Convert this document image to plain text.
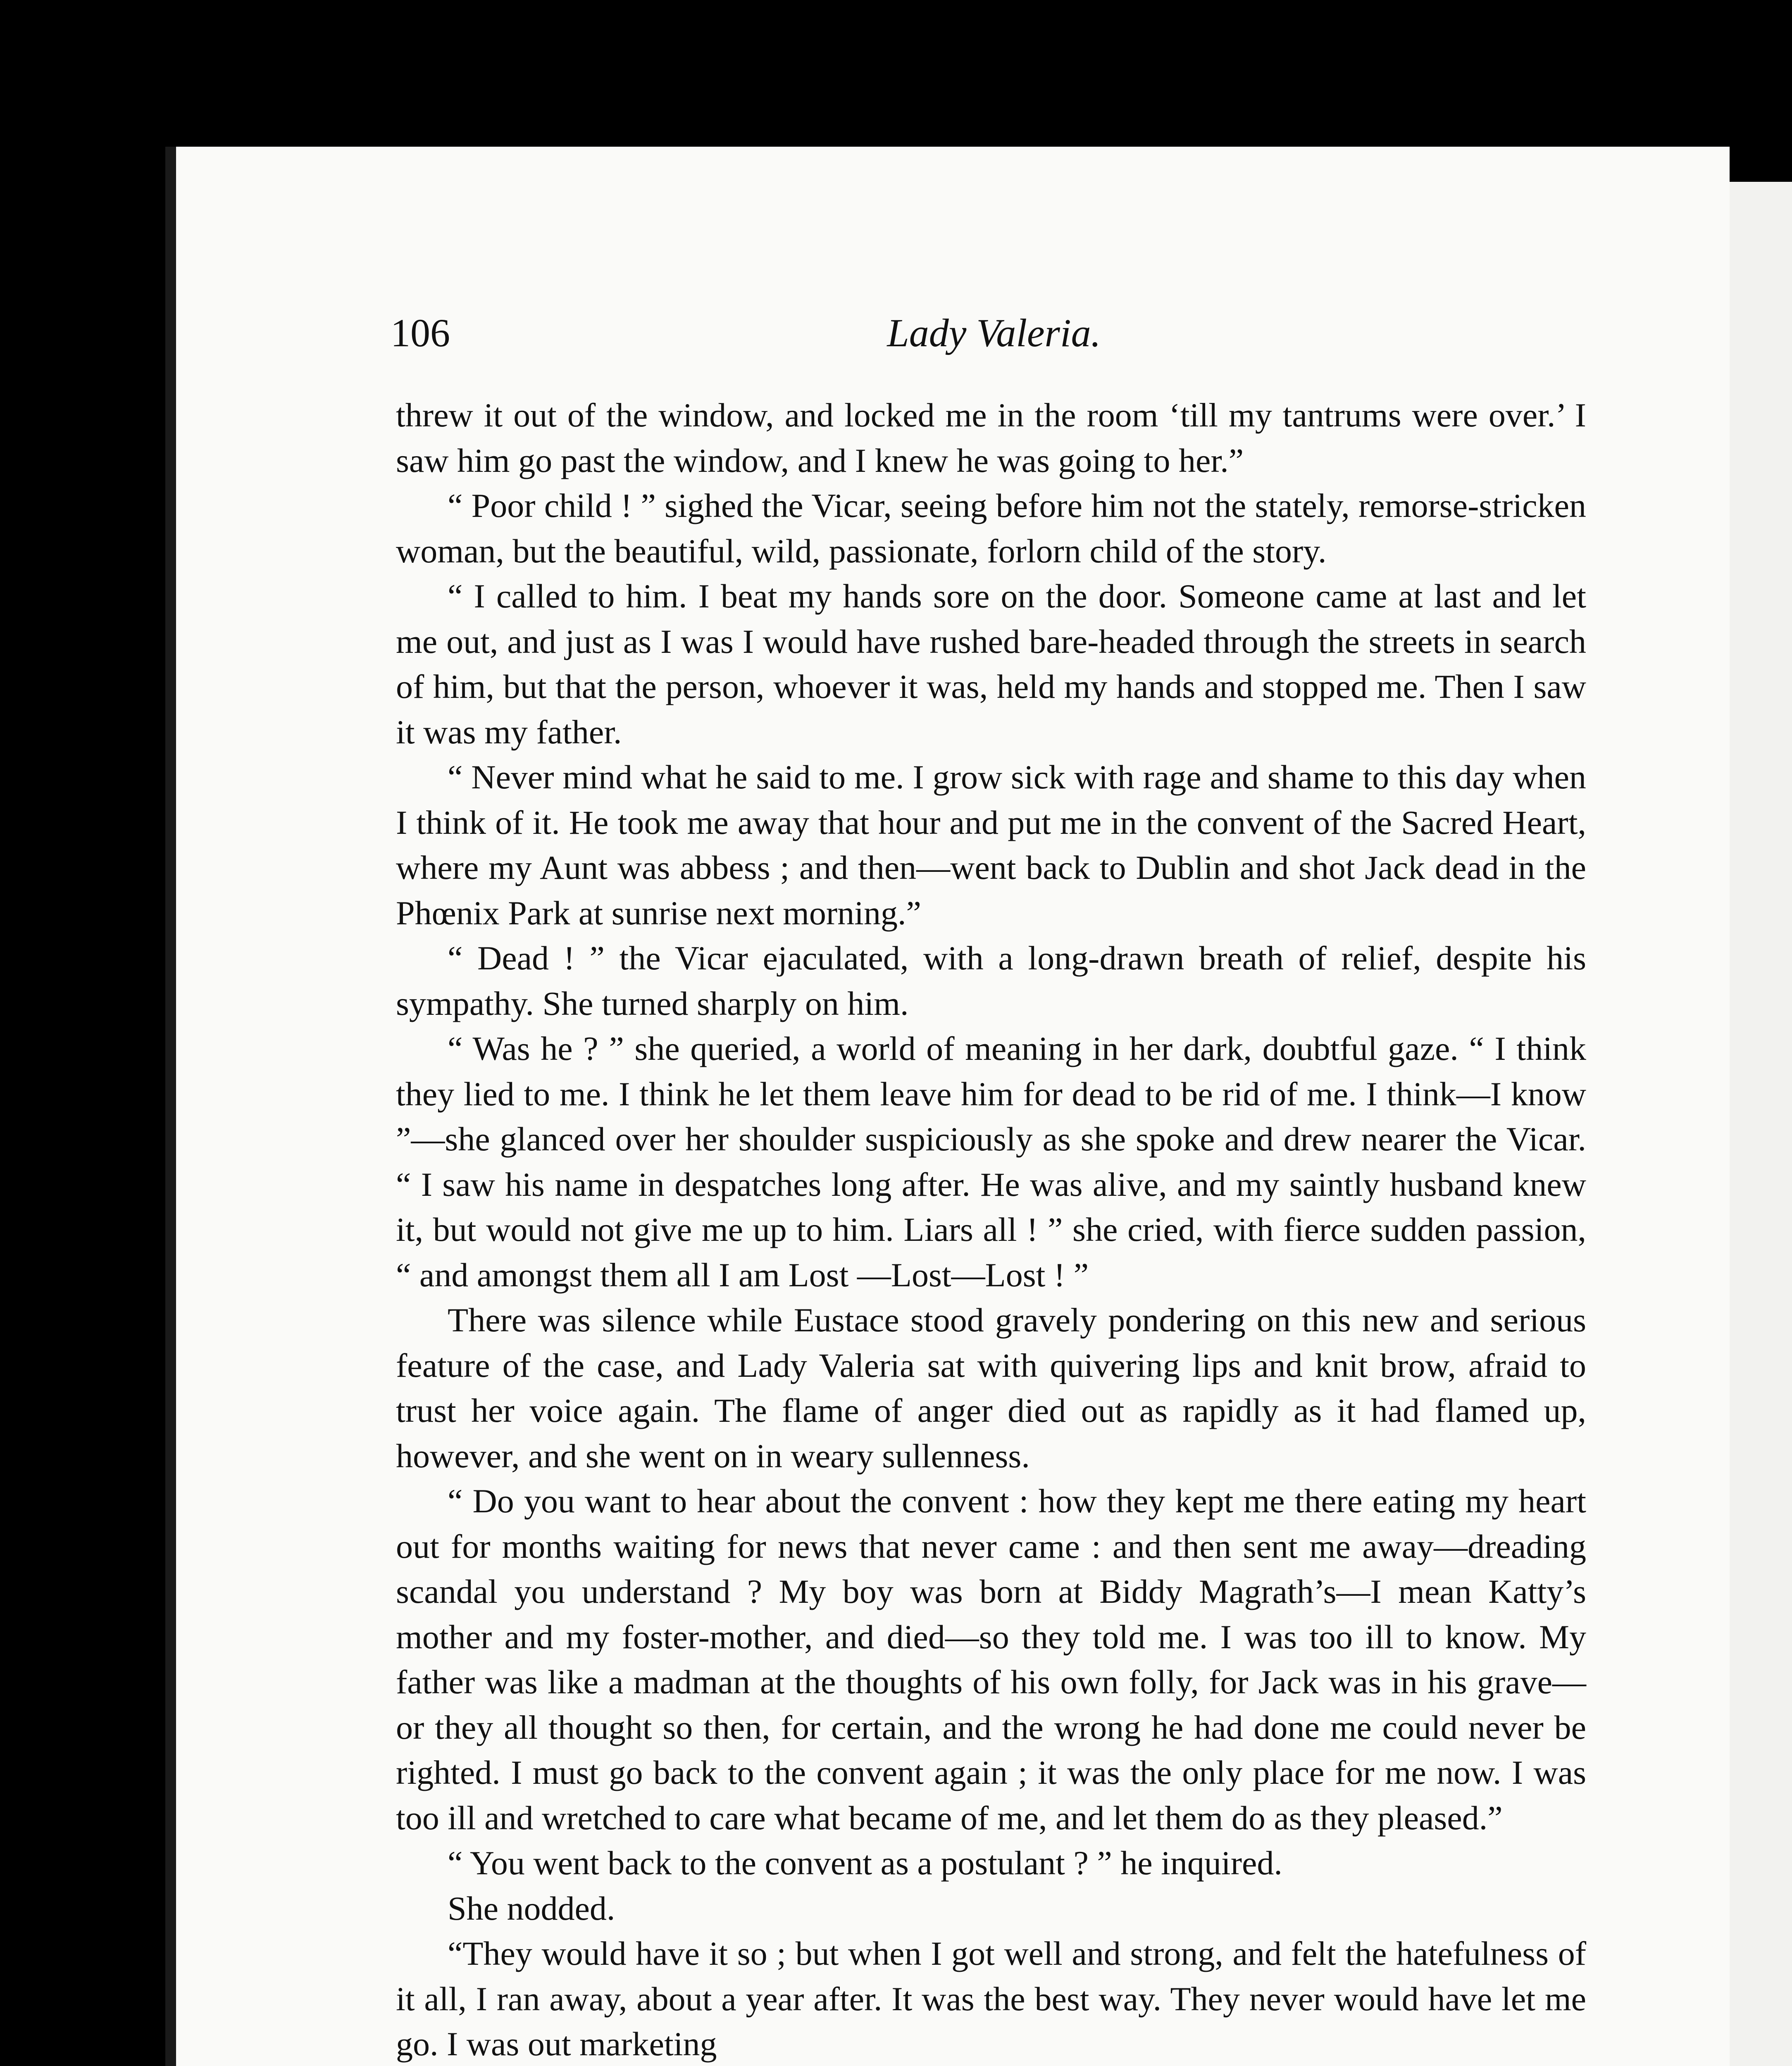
106	Lady Valeria.

threw it out of the window, and locked me in the room ‘till my tantrums were over.’ I saw him go past the window, and I knew he was going to her.”

“ Poor child ! ” sighed the Vicar, seeing before him not the stately, remorse-stricken woman, but the beautiful, wild, passionate, forlorn child of the story.

“ I called to him. I beat my hands sore on the door. Someone came at last and let me out, and just as I was I would have rushed bare-headed through the streets in search of him, but that the person, whoever it was, held my hands and stopped me. Then I saw it was my father.

“ Never mind what he said to me. I grow sick with rage and shame to this day when I think of it. He took me away that hour and put me in the convent of the Sacred Heart, where my Aunt was abbess ; and then—went back to Dublin and shot Jack dead in the Phœnix Park at sunrise next morning.”

“ Dead ! ” the Vicar ejaculated, with a long-drawn breath of relief, despite his sympathy. She turned sharply on him.

“ Was he ? ” she queried, a world of meaning in her dark, doubtful gaze. “ I think they lied to me. I think he let them leave him for dead to be rid of me. I think—I know ”—she glanced over her shoulder suspiciously as she spoke and drew nearer the Vicar. “ I saw his name in despatches long after. He was alive, and my saintly husband knew it, but would not give me up to him. Liars all ! ” she cried, with fierce sudden passion, “ and amongst them all I am Lost —Lost—Lost ! ”

There was silence while Eustace stood gravely pondering on this new and serious feature of the case, and Lady Valeria sat with quivering lips and knit brow, afraid to trust her voice again. The flame of anger died out as rapidly as it had flamed up, however, and she went on in weary sullenness.

“ Do you want to hear about the convent : how they kept me there eating my heart out for months waiting for news that never came : and then sent me away—dreading scandal you understand ? My boy was born at Biddy Magrath’s—I mean Katty’s mother and my foster-mother, and died—so they told me. I was too ill to know. My father was like a madman at the thoughts of his own folly, for Jack was in his grave—or they all thought so then, for certain, and the wrong he had done me could never be righted. I must go back to the convent again ; it was the only place for me now. I was too ill and wretched to care what became of me, and let them do as they pleased.”

“ You went back to the convent as a postulant ? ” he inquired.

She nodded.

“They would have it so ; but when I got well and strong, and felt the hatefulness of it all, I ran away, about a year after. It was the best way. They never would have let me go. I was out marketing
